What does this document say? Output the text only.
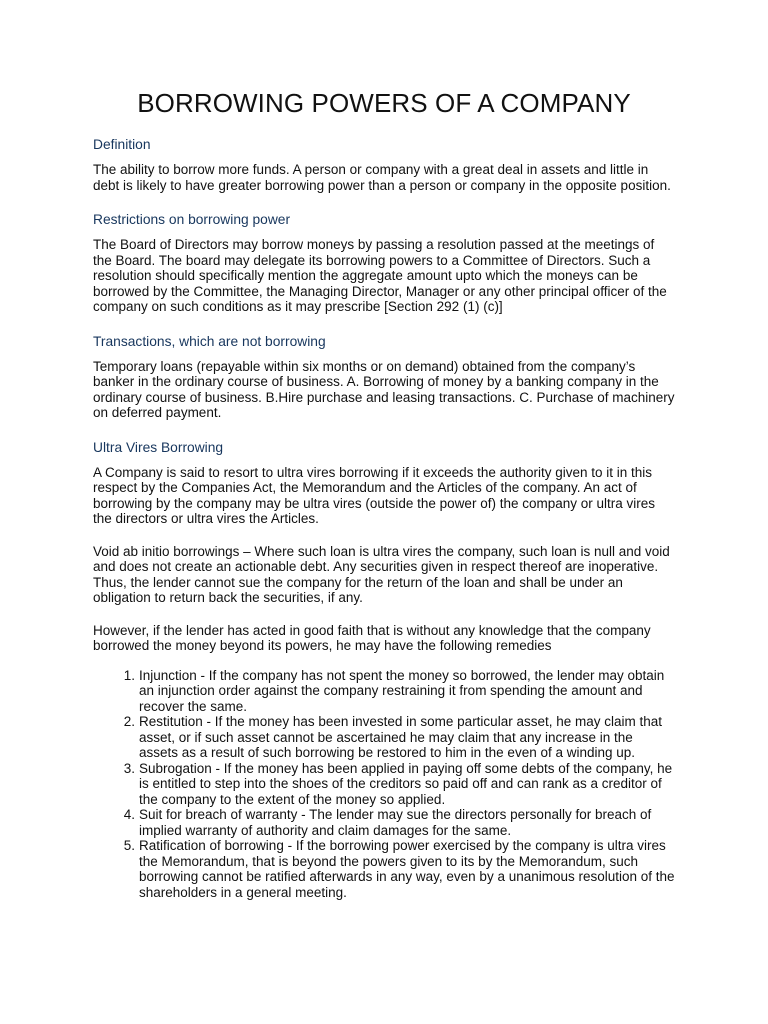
BORROWING POWERS OF A COMPANY
Definition

The ability to borrow more funds. A person or company with a great deal in assets and little in debt is likely to have greater borrowing power than a person or company in the opposite position.

Restrictions on borrowing power

The Board of Directors may borrow moneys by passing a resolution passed at the meetings of the Board. The board may delegate its borrowing powers to a Committee of Directors. Such a resolution should specifically mention the aggregate amount upto which the moneys can be borrowed by the Committee, the Managing Director, Manager or any other principal officer of the company on such conditions as it may prescribe [Section 292 (1) (c)]

Transactions, which are not borrowing

Temporary loans (repayable within six months or on demand) obtained from the company’s banker in the ordinary course of business. A. Borrowing of money by a banking company in the ordinary course of business. B.Hire purchase and leasing transactions. C. Purchase of machinery on deferred payment.

Ultra Vires Borrowing

A Company is said to resort to ultra vires borrowing if it exceeds the authority given to it in this respect by the Companies Act, the Memorandum and the Articles of the company. An act of borrowing by the company may be ultra vires (outside the power of) the company or ultra vires the directors or ultra vires the Articles.

Void ab initio borrowings – Where such loan is ultra vires the company, such loan is null and void and does not create an actionable debt. Any securities given in respect thereof are inoperative. Thus, the lender cannot sue the company for the return of the loan and shall be under an obligation to return back the securities, if any.

However, if the lender has acted in good faith that is without any knowledge that the company borrowed the money beyond its powers, he may have the following remedies

1. Injunction - If the company has not spent the money so borrowed, the lender may obtain an injunction order against the company restraining it from spending the amount and recover the same.
2. Restitution - If the money has been invested in some particular asset, he may claim that asset, or if such asset cannot be ascertained he may claim that any increase in the assets as a result of such borrowing be restored to him in the even of a winding up.
3. Subrogation - If the money has been applied in paying off some debts of the company, he is entitled to step into the shoes of the creditors so paid off and can rank as a creditor of the company to the extent of the money so applied.
4. Suit for breach of warranty - The lender may sue the directors personally for breach of implied warranty of authority and claim damages for the same.
5. Ratification of borrowing - If the borrowing power exercised by the company is ultra vires the Memorandum, that is beyond the powers given to its by the Memorandum, such borrowing cannot be ratified afterwards in any way, even by a unanimous resolution of the shareholders in a general meeting.
